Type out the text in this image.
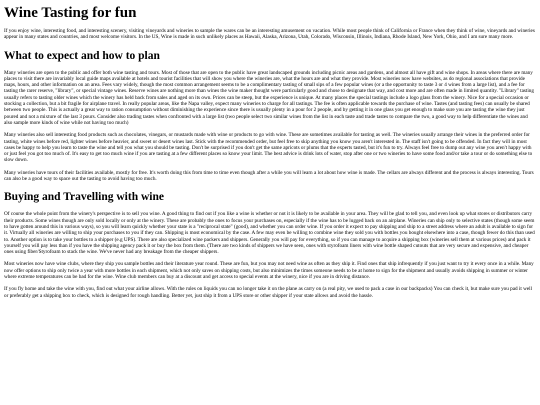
Wine Tasting for fun

If you enjoy wine, interesting food, and interesting scenery, visiting vineyards and wineries to sample the wares can be an interesting amusement on vacation. While most people think of California or France when they think of wine, vineyards and wineries appear in many states and countries, and most welcome visitors. In the US, Wine is made in such unlikely places as Hawaii, Alaska, Arizona, Utah, Colorado, Wisconsin, Illinois, Indiana, Rhode Island, New York, Ohio, and I am sure many more.

What to expect and how to plan

Many wineries are open to the public and offer both wine tasting and tours. Most of those that are open to the public have great landscaped grounds including picnic areas and gardens, and almost all have gift and wine shops. In areas where there are many places to visit there are invariably local guide maps available at hotels and tourist facilities that will show you where the wineries are, what the hours are and what they provide. Most wineries now have websites, as do regional associations that provide maps, hours, and other information on an area. Fees vary widely, though the most common arrangement seems to be a complimentary tasting of small sips of a few popular wines (or a the opportunity to taste 3 or 4 wines from a large list), and a fee for tasting the rarer reserve, "library", or special vintage wines. Reserve wines are nothing more than wines the wine maker thought were particularly good and chose to designate that way, and cost more and are often made in limited quantity. "Library" tasting usually refers to tasting older wines which the winery has held back from sales and aged on its own. Prices can be steep, but the experience is unique. At many places the special tastings include a logo glass from the winery. Nice for a special occasion or stocking a collection, but a bit fragile for airplane travel. In really popular areas, like the Napa valley, expect many wineries to charge for all tastings. The fee is often applicable towards the purchase of wine. Tastes (and tasting fees) can usually be shared between two people. This is actually a great way to ration consumption without diminishing the experience since there is usually plenty in a pour for 2 people, and by getting it in one glass you get enough to make sure you are tasting the wine they just poured and not a mixture of the last 3 pours. Consider also trading tastes when confronted with a large list (two people select two similar wines from the list in each taste and trade tastes to compare the two, a good way to help differentiate the wines and also sample more kinds of wine while not having too much)

Many wineries also sell interesting food products such as chocolates, vinegars, or mustards made with wine or products to go with wine. These are sometimes available for tasting as well. The wineries usually arrange their wines in the preferred order for tasting, white wines before red, lighter wines before heavier, and sweet or desert wines last. Stick with the recommended order, but feel free to skip anything you know you aren't interested in. The staff isn't going to be offended. In fact they will in most cases be happy to help you learn to taste the wine and tell you what you should be tasting. Don't be surprised if you don't get the same apricots or plums that the experts tasted, but it's fun to try. Always feel free to dump out any wine you aren't happy with or just feel you got too much of. It's easy to get too much wine if you are tasting at a few different places so know your limit. The best advice is drink lots of water, stop after one or two wineries to have some food and/or take a tour or do something else to slow down.

Many wineries have tours of their facilities available, mostly for free. It's worth doing this from time to time even though after a while you will learn a lot about how wine is made. The cellars are always different and the process is always interesting. Tours can also be a good way to space out the tasting to avoid having too much.

Buying and Travelling with wine

Of course the whole point from the winery's perspective is to sell you wine. A good thing to find out if you like a wine is whether or not it is likely to be available in your area. They will be glad to tell you, and even look up what stores or distributors carry their products. Some wines though are only sold locally or only at the winery. These are probably the ones to focus your purchases on, especially if the wine has to be lugged back on an airplane. Wineries can ship only to selective states (though some seem to have gotten around this in various ways), so you will learn quickly whether your state is a "reciprocal state" (good), and whether you can order wine. If you order it expect to pay shipping and ship to a street address where an adult is available to sign for it. Virtually all wineries are willing to ship your purchases to you if they can. Shipping is most economical by the case. A few may even be willing to combine wine they sold you with bottles you bought elsewhere into a case, though fewer do this than used to. Another option is to take your bottles to a shipper (e.g UPS). There are also specialized wine packers and shippers. Generally you will pay for everything, so if you can manage to acquire a shipping box (wineries sell them at various prices) and pack it yourself you will pay less than if you have the shipping agency pack it or buy the box from them. (There are two kinds of shippers we have seen, ones with styrofoam liners with wine bottle shaped cutouts that are very secure and expensive, and cheaper ones using fiber/Styrofoam to stack the wine. We've never had any breakage from the cheaper shippers.

Most wineries now have wine clubs, where they ship you sample bottles and their literature year round. These are fun, but you may not need wine as often as they ship it. Find ones that ship infrequently if you just want to try it every once in a while. Many now offer options to ship only twice a year with more bottles in each shipment, which not only saves on shipping costs, but also minimizes the times someone needs to be at home to sign for the shipment and usually avoids shipping in summer or winter where extreme temperatures can be bad for the wine. Wine club members can buy at a discount and get access to special events at the winery, nice if you are in driving distance.

If you fly home and take the wine with you, find out what your airline allows. With the rules on liquids you can no longer take it on the plane as carry on (a real pity, we used to pack a case in our backpacks) You can check it, but make sure you pad it well or preferably get a shipping box to check, which is designed for rough handling. Better yet, just ship it from a UPS store or other shipper if your state allows and avoid the hassle.
